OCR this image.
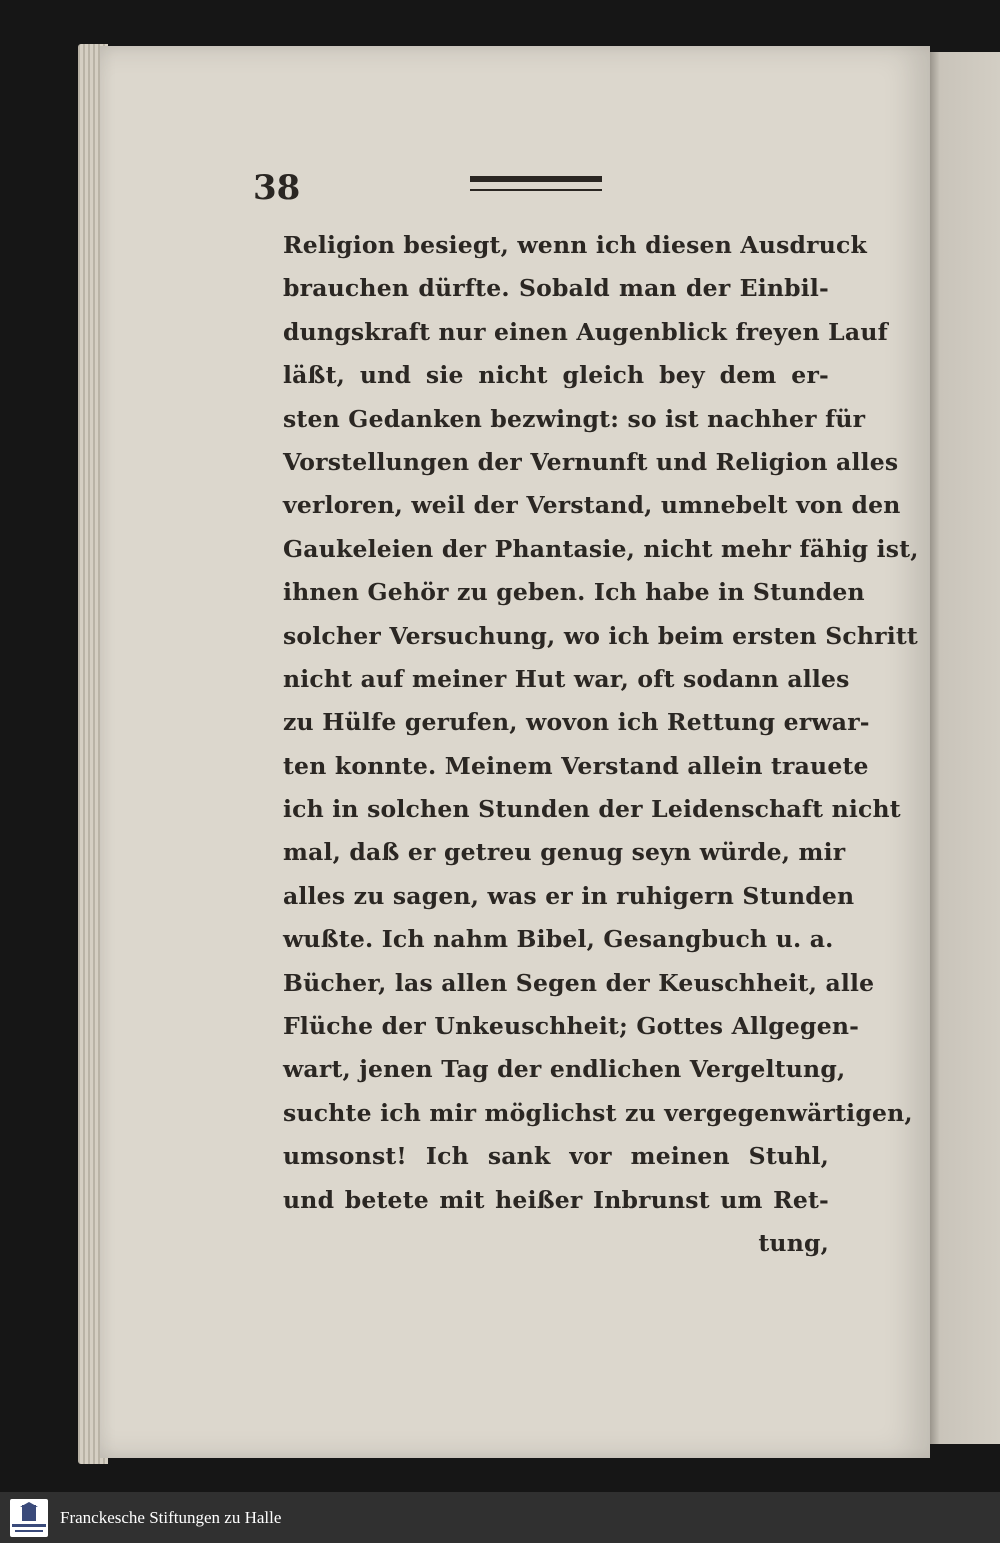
38
Religion besiegt, wenn ich diesen Ausdruck
brauchen dürfte. Sobald man der Einbil-
dungskraft nur einen Augenblick freyen Lauf
läßt, und sie nicht gleich bey dem er-
sten Gedanken bezwingt: so ist nachher für
Vorstellungen der Vernunft und Religion alles
verloren, weil der Verstand, umnebelt von den
Gaukeleien der Phantasie, nicht mehr fähig ist,
ihnen Gehör zu geben. Ich habe in Stunden
solcher Versuchung, wo ich beim ersten Schritt
nicht auf meiner Hut war, oft sodann alles
zu Hülfe gerufen, wovon ich Rettung erwar-
ten konnte. Meinem Verstand allein trauete
ich in solchen Stunden der Leidenschaft nicht
mal, daß er getreu genug seyn würde, mir
alles zu sagen, was er in ruhigern Stunden
wußte. Ich nahm Bibel, Gesangbuch u. a.
Bücher, las allen Segen der Keuschheit, alle
Flüche der Unkeuschheit; Gottes Allgegen-
wart, jenen Tag der endlichen Vergeltung,
suchte ich mir möglichst zu vergegenwärtigen,
umsonst! Ich sank vor meinen Stuhl,
und betete mit heißer Inbrunst um Ret-
tung,
Franckesche Stiftungen zu Halle
